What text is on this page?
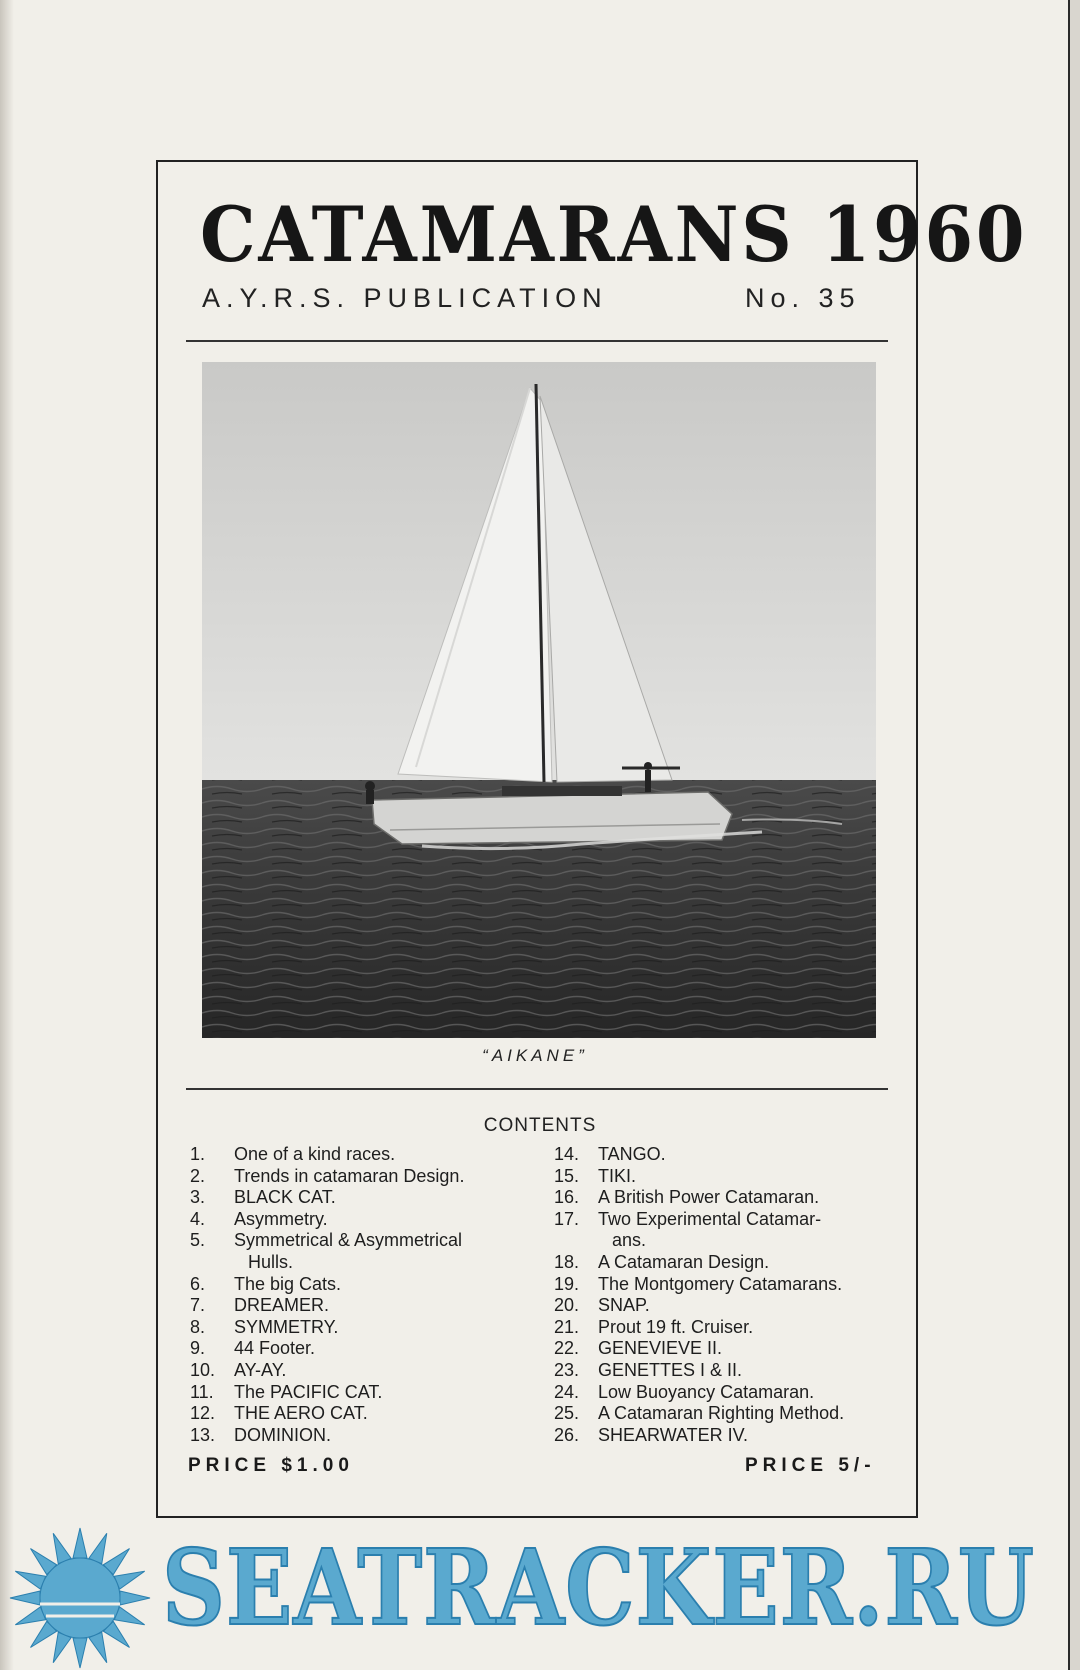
CATAMARANS 1960
A.Y.R.S. PUBLICATION	No. 35
“AIKANE”
CONTENTS
1.	One of a kind races.
2.	Trends in catamaran Design.
3.	BLACK CAT.
4.	Asymmetry.
5.	Symmetrical & Asymmetrical
Hulls.
6.	The big Cats.
7.	DREAMER.
8.	SYMMETRY.
9.	44 Footer.
10.	AY-AY.
11.	The PACIFIC CAT.
12.	THE AERO CAT.
13.	DOMINION.
14.	TANGO.
15.	TIKI.
16.	A British Power Catamaran.
17.	Two Experimental Catamar-
ans.
18.	A Catamaran Design.
19.	The Montgomery Catamarans.
20.	SNAP.
21.	Prout 19 ft. Cruiser.
22.	GENEVIEVE II.
23.	GENETTES I & II.
24.	Low Buoyancy Catamaran.
25.	A Catamaran Righting Method.
26.	SHEARWATER IV.
PRICE $1.00	PRICE 5/-
SEATRACKER.RU
